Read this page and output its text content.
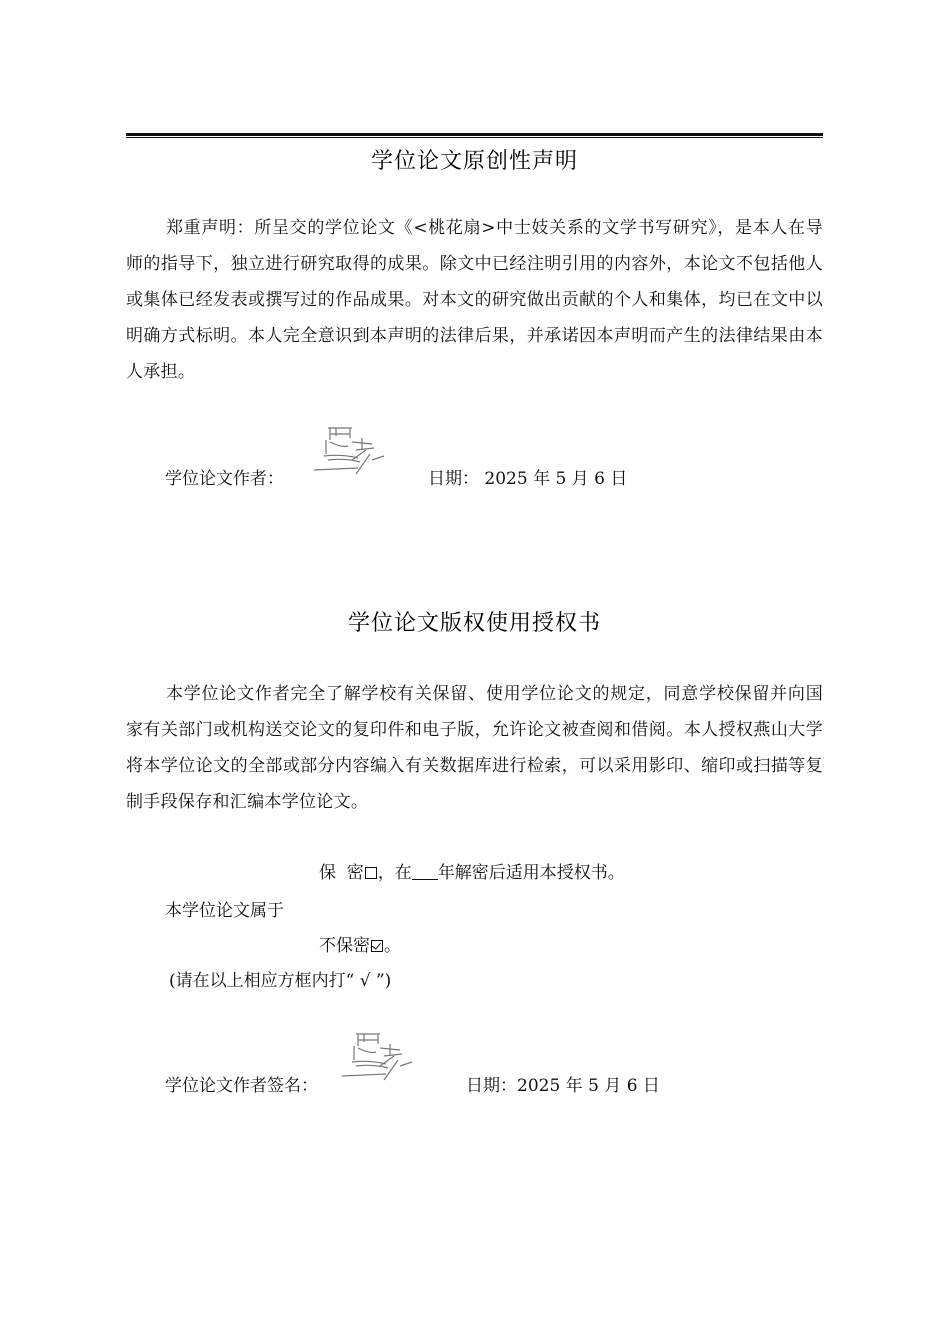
学位论文原创性声明
郑重声明：所呈交的学位论文《<桃花扇>中士妓关系的文学书写研究》，是本人在导师的指导下，独立进行研究取得的成果。除文中已经注明引用的内容外，本论文不包括他人或集体已经发表或撰写过的作品成果。对本文的研究做出贡献的个人和集体，均已在文中以明确方式标明。本人完全意识到本声明的法律后果，并承诺因本声明而产生的法律结果由本人承担。
学位论文作者：	日期： 2025 年 5 月 6 日
学位论文版权使用授权书
本学位论文作者完全了解学校有关保留、使用学位论文的规定，同意学校保留并向国家有关部门或机构送交论文的复印件和电子版，允许论文被查阅和借阅。本人授权燕山大学将本学位论文的全部或部分内容编入有关数据库进行检索，可以采用影印、缩印或扫描等复制手段保存和汇编本学位论文。
保  密 ，在 年解密后适用本授权书。
本学位论文属于
不保密 。
(请在以上相应方框内打“ √ ”)
学位论文作者签名：	日期：2025 年 5 月 6 日
